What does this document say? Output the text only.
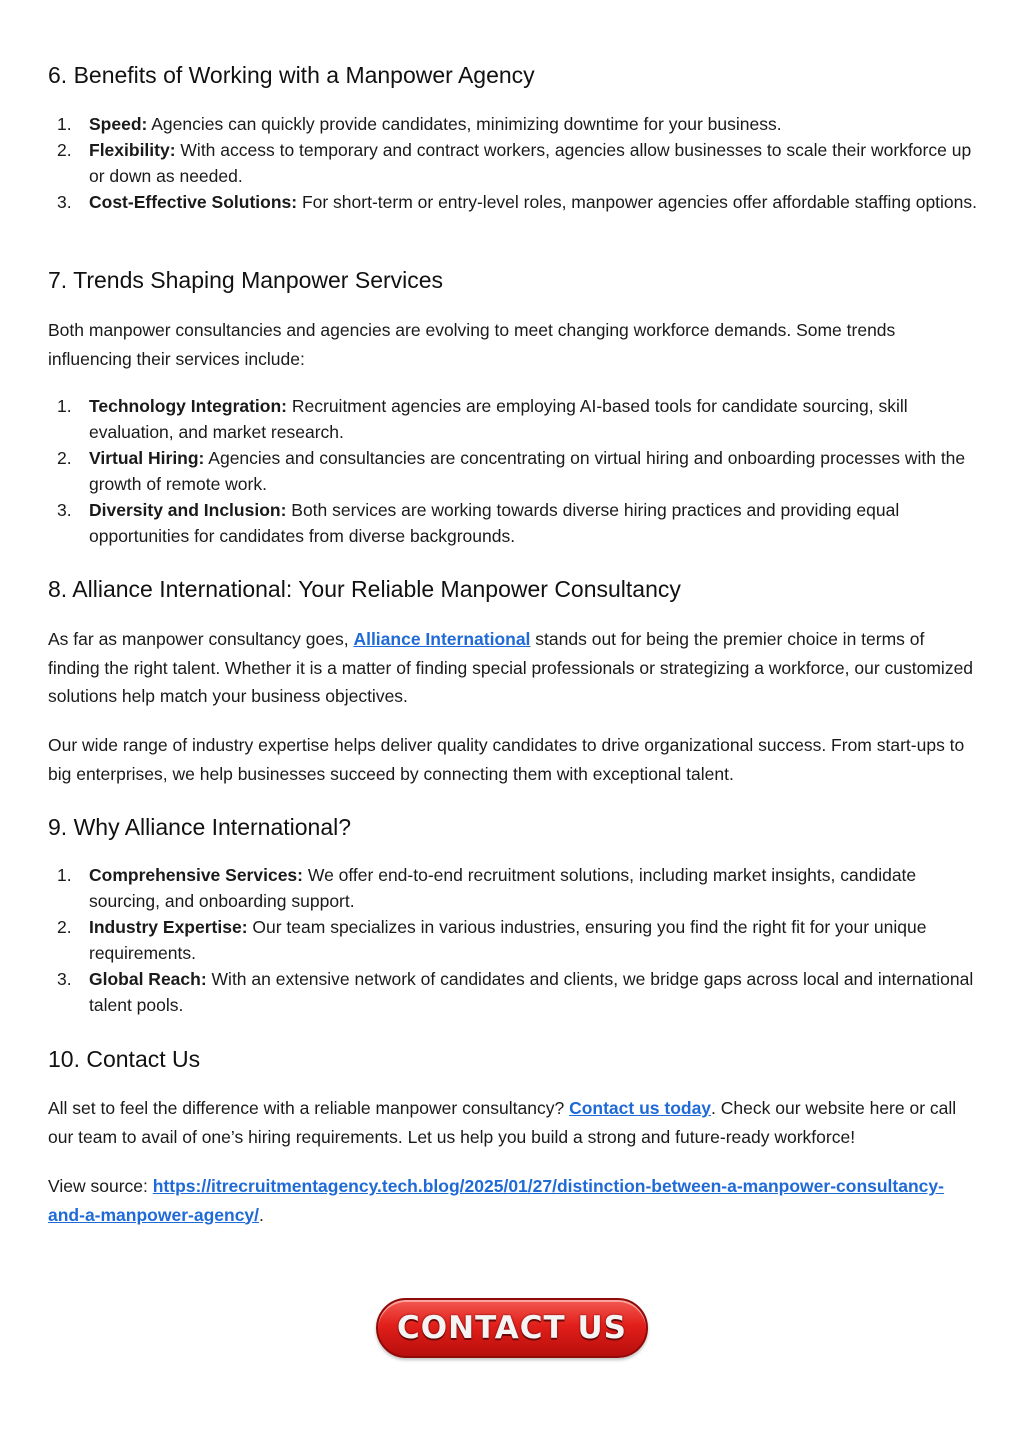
6. Benefits of Working with a Manpower Agency
1. Speed: Agencies can quickly provide candidates, minimizing downtime for your business.
2. Flexibility: With access to temporary and contract workers, agencies allow businesses to scale their workforce up or down as needed.
3. Cost-Effective Solutions: For short-term or entry-level roles, manpower agencies offer affordable staffing options.
7. Trends Shaping Manpower Services

Both manpower consultancies and agencies are evolving to meet changing workforce demands. Some trends influencing their services include:

1. Technology Integration: Recruitment agencies are employing AI-based tools for candidate sourcing, skill evaluation, and market research.
2. Virtual Hiring: Agencies and consultancies are concentrating on virtual hiring and onboarding processes with the growth of remote work.
3. Diversity and Inclusion: Both services are working towards diverse hiring practices and providing equal opportunities for candidates from diverse backgrounds.
8. Alliance International: Your Reliable Manpower Consultancy

As far as manpower consultancy goes, Alliance International stands out for being the premier choice in terms of finding the right talent. Whether it is a matter of finding special professionals or strategizing a workforce, our customized solutions help match your business objectives.

Our wide range of industry expertise helps deliver quality candidates to drive organizational success. From start-ups to big enterprises, we help businesses succeed by connecting them with exceptional talent.

9. Why Alliance International?
1. Comprehensive Services: We offer end-to-end recruitment solutions, including market insights, candidate sourcing, and onboarding support.
2. Industry Expertise: Our team specializes in various industries, ensuring you find the right fit for your unique requirements.
3. Global Reach: With an extensive network of candidates and clients, we bridge gaps across local and international talent pools.
10. Contact Us

All set to feel the difference with a reliable manpower consultancy? Contact us today. Check our website here or call our team to avail of one’s hiring requirements. Let us help you build a strong and future-ready workforce!

View source: https://itrecruitmentagency.tech.blog/2025/01/27/distinction-between-a-manpower-consultancy-and-a-manpower-agency/.

CONTACT US
